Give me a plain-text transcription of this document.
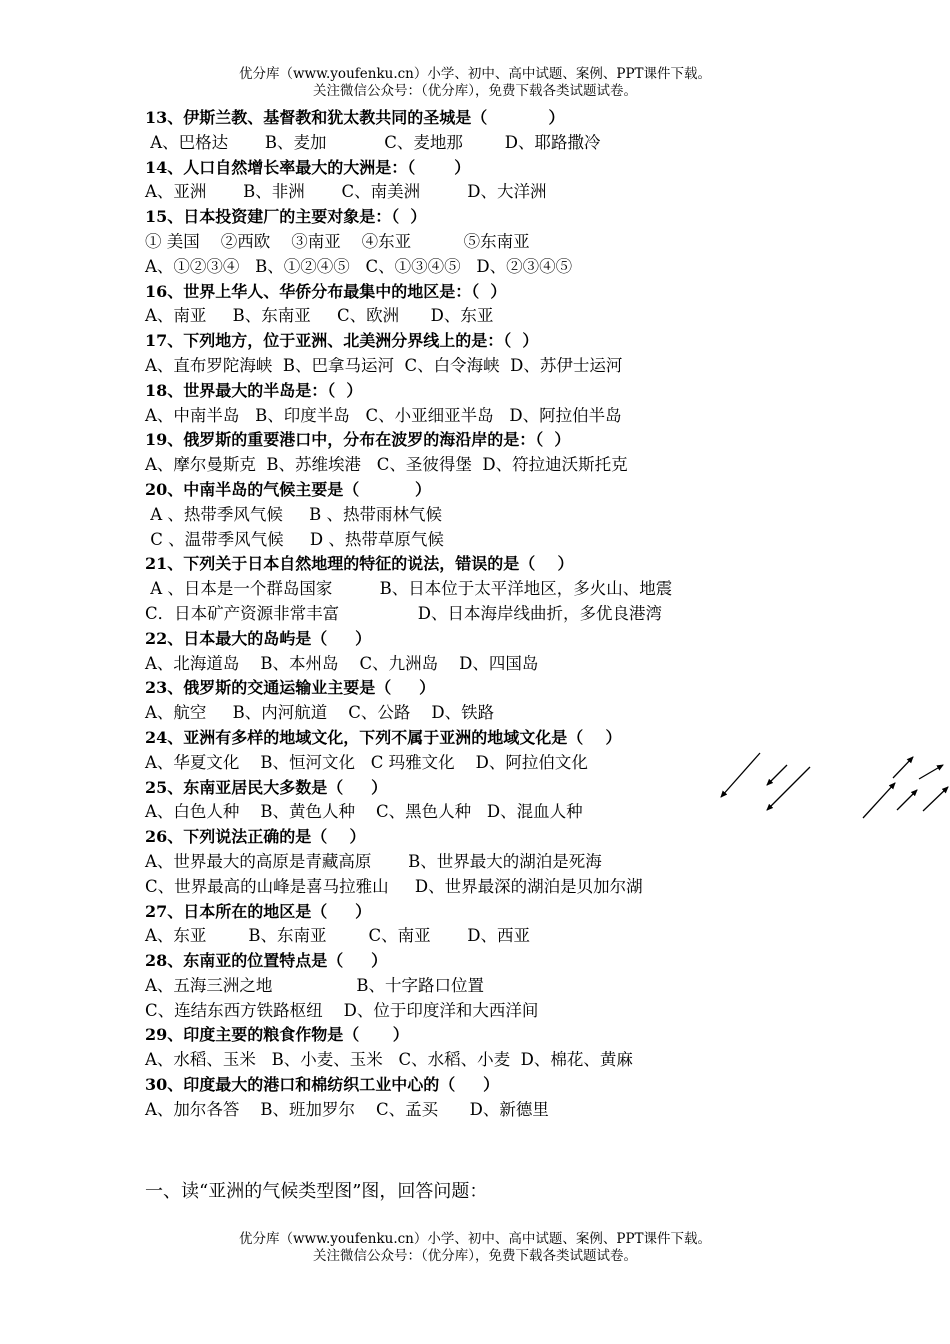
优分库（www.youfenku.cn）小学、初中、高中试题、案例、PPT课件下载。
关注微信公众号：（优分库），免费下载各类试题试卷。
13、伊斯兰教、基督教和犹太教共同的圣城是（           ）
A、巴格达       B、麦加           C、麦地那        D、耶路撒冷
14、人口自然增长率最大的大洲是：（       ）
A、亚洲       B、非洲       C、南美洲         D、大洋洲
15、日本投资建厂的主要对象是：（  ）
① 美国    ②西欧    ③南亚    ④东亚          ⑤东南亚
A、①②③④   B、①②④⑤   C、①③④⑤   D、②③④⑤
16、世界上华人、华侨分布最集中的地区是：（  ）
A、南亚     B、东南亚     C、欧洲      D、东亚
17、下列地方，位于亚洲、北美洲分界线上的是：（  ）
A、直布罗陀海峡  B、巴拿马运河  C、白令海峡  D、苏伊士运河
18、世界最大的半岛是：（  ）
A、中南半岛   B、印度半岛   C、小亚细亚半岛   D、阿拉伯半岛
19、俄罗斯的重要港口中，分布在波罗的海沿岸的是：（  ）
A、摩尔曼斯克  B、苏维埃港   C、圣彼得堡  D、符拉迪沃斯托克
20、中南半岛的气候主要是（          ）
A 、热带季风气候     B 、热带雨林气候
C 、温带季风气候     D 、热带草原气候
21、下列关于日本自然地理的特征的说法，错误的是（    ）
A 、日本是一个群岛国家         B、日本位于太平洋地区，多火山、地震
C．日本矿产资源非常丰富               D、日本海岸线曲折，多优良港湾
22、日本最大的岛屿是（     ）
A、北海道岛    B、本州岛    C、九洲岛    D、四国岛
23、俄罗斯的交通运输业主要是（     ）
A、航空     B、内河航道    C、公路    D、铁路
24、亚洲有多样的地域文化，下列不属于亚洲的地域文化是（    ）
A、华夏文化    B、恒河文化   C 玛雅文化    D、阿拉伯文化
25、东南亚居民大多数是（     ）
A、白色人种    B、黄色人种    C、黑色人种   D、混血人种
26、下列说法正确的是（    ）
A、世界最大的高原是青藏高原       B、世界最大的湖泊是死海
C、世界最高的山峰是喜马拉雅山     D、世界最深的湖泊是贝加尔湖
27、日本所在的地区是（     ）
A、东亚        B、东南亚        C、南亚       D、西亚
28、东南亚的位置特点是（     ）
A、五海三洲之地                B、十字路口位置
C、连结东西方铁路枢纽    D、位于印度洋和大西洋间
29、印度主要的粮食作物是（      ）
A、水稻、玉米   B、小麦、玉米   C、水稻、小麦  D、棉花、黄麻
30、印度最大的港口和棉纺织工业中心的（     ）
A、加尔各答    B、班加罗尔    C、孟买      D、新德里
一、读“亚洲的气候类型图”图，回答问题：
优分库（www.youfenku.cn）小学、初中、高中试题、案例、PPT课件下载。
关注微信公众号：（优分库），免费下载各类试题试卷。
